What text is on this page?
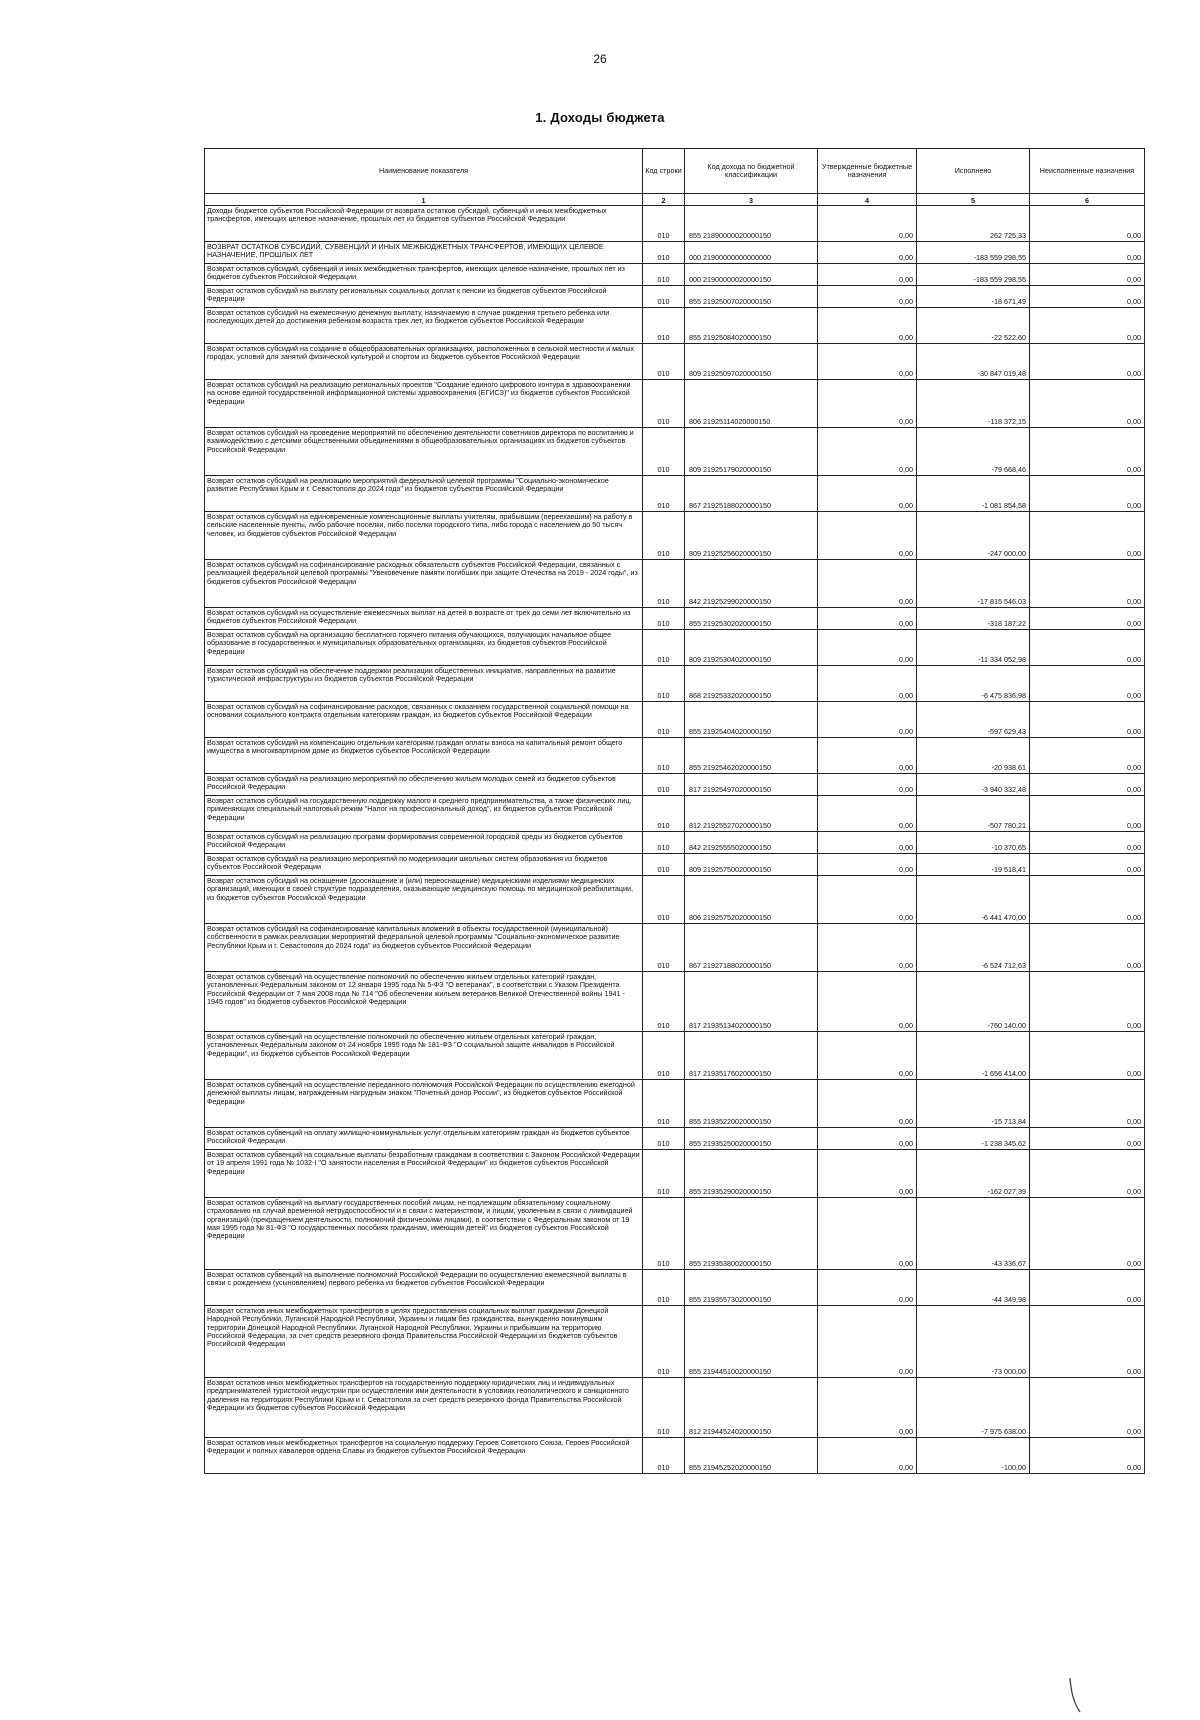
26
1. Доходы бюджета
Наименование показателя	Код строки	Код дохода по бюджетной классификации	Утвержденные бюджетные назначения	Исполнено	Неисполненные назначения
1	2	3	4	5	6
Доходы бюджетов субъектов Российской Федерации от возврата остатков субсидий, субвенций и иных межбюджетных трансфертов, имеющих целевое назначение, прошлых лет из бюджетов субъектов Российской Федерации	010	855 21890000020000150	0,00	262 725,33	0,00
ВОЗВРАТ ОСТАТКОВ СУБСИДИЙ, СУБВЕНЦИЙ И ИНЫХ МЕЖБЮДЖЕТНЫХ ТРАНСФЕРТОВ, ИМЕЮЩИХ ЦЕЛЕВОЕ НАЗНАЧЕНИЕ, ПРОШЛЫХ ЛЕТ	010	000 21900000000000000	0,00	-183 559 298,55	0,00
Возврат остатков субсидий, субвенций и иных межбюджетных трансфертов, имеющих целевое назначение, прошлых лет из бюджетов субъектов Российской Федерации	010	000 21900000020000150	0,00	-183 559 298,55	0,00
Возврат остатков субсидий на выплату региональных социальных доплат к пенсии из бюджетов субъектов Российской Федерации	010	855 21925007020000150	0,00	-18 671,49	0,00
Возврат остатков субсидий на ежемесячную денежную выплату, назначаемую в случае рождения третьего ребенка или последующих детей до достижения ребенком возраста трех лет, из бюджетов субъектов Российской Федерации	010	855 21925084020000150	0,00	-22 522,60	0,00
Возврат остатков субсидий на создание в общеобразовательных организациях, расположенных в сельской местности и малых городах, условий для занятий физической культурой и спортом из бюджетов субъектов Российской Федерации	010	809 21925097020000150	0,00	-30 847 019,48	0,00
Возврат остатков субсидий на реализацию региональных проектов "Создание единого цифрового контура в здравоохранении на основе единой государственной информационной системы здравоохранения (ЕГИСЗ)" из бюджетов субъектов Российской Федерации	010	806 21925114020000150	0,00	-118 372,15	0,00
Возврат остатков субсидий на проведение мероприятий по обеспечению деятельности советников директора по воспитанию и взаимодействию с детскими общественными объединениями в общеобразовательных организациях из бюджетов субъектов Российской Федерации	010	809 21925179020000150	0,00	-79 668,46	0,00
Возврат остатков субсидий на реализацию мероприятий федеральной целевой программы "Социально-экономическое развитие Республики Крым и г. Севастополя до 2024 года" из бюджетов субъектов Российской Федерации	010	867 21925188020000150	0,00	-1 081 854,58	0,00
Возврат остатков субсидий на единовременные компенсационные выплаты учителям, прибывшим (переехавшим) на работу в сельские населенные пункты, либо рабочие поселки, либо поселки городского типа, либо города с населением до 50 тысяч человек, из бюджетов субъектов Российской Федерации	010	809 21925256020000150	0,00	-247 000,00	0,00
Возврат остатков субсидий на софинансирование расходных обязательств субъектов Российской Федерации, связанных с реализацией федеральной целевой программы "Увековечение памяти погибших при защите Отечества на 2019 - 2024 годы", из бюджетов субъектов Российской Федерации	010	842 21925299020000150	0,00	-17 815 546,03	0,00
Возврат остатков субсидий на осуществление ежемесячных выплат на детей в возрасте от трех до семи лет включительно из бюджетов субъектов Российской Федерации	010	855 21925302020000150	0,00	-318 187,22	0,00
Возврат остатков субсидий на организацию бесплатного горячего питания обучающихся, получающих начальное общее образование в государственных и муниципальных образовательных организациях, из бюджетов субъектов Российской Федерации	010	809 21925304020000150	0,00	-11 334 052,98	0,00
Возврат остатков субсидий на обеспечение поддержки реализации общественных инициатив, направленных на развитие туристической инфраструктуры из бюджетов субъектов Российской Федерации	010	868 21925332020000150	0,00	-6 475 836,98	0,00
Возврат остатков субсидий на софинансирование расходов, связанных с оказанием государственной социальной помощи на основании социального контракта отдельным категориям граждан, из бюджетов субъектов Российской Федерации	010	855 21925404020000150	0,00	-597 629,43	0,00
Возврат остатков субсидий на компенсацию отдельным категориям граждан оплаты взноса на капитальный ремонт общего имущества в многоквартирном доме из бюджетов субъектов Российской Федерации	010	855 21925462020000150	0,00	-20 938,61	0,00
Возврат остатков субсидий на реализацию мероприятий по обеспечению жильем молодых семей из бюджетов субъектов Российской Федерации	010	817 21925497020000150	0,00	-3 940 332,48	0,00
Возврат остатков субсидий на государственную поддержку малого и среднего предпринимательства, а также физических лиц, применяющих специальный налоговый режим "Налог на профессиональный доход", из бюджетов субъектов Российской Федерации	010	812 21925527020000150	0,00	-507 780,21	0,00
Возврат остатков субсидий на реализацию программ формирования современной городской среды из бюджетов субъектов Российской Федерации	010	842 21925555020000150	0,00	-10 370,65	0,00
Возврат остатков субсидий на реализацию мероприятий по модернизации школьных систем образования из бюджетов субъектов Российской Федерации	010	809 21925750020000150	0,00	-19 518,41	0,00
Возврат остатков субсидий на оснащение (дооснащение и (или) переоснащение) медицинскими изделиями медицинских организаций, имеющих в своей структуре подразделения, оказывающие медицинскую помощь по медицинской реабилитации, из бюджетов субъектов Российской Федерации	010	806 21925752020000150	0,00	-6 441 470,00	0,00
Возврат остатков субсидий на софинансирование капитальных вложений в объекты государственной (муниципальной) собственности в рамках реализации мероприятий федеральной целевой программы "Социально-экономическое развитие Республики Крым и г. Севастополя до 2024 года" из бюджетов субъектов Российской Федерации	010	867 21927188020000150	0,00	-6 524 712,63	0,00
Возврат остатков субвенций на осуществление полномочий по обеспечению жильем отдельных категорий граждан, установленных Федеральным законом от 12 января 1995 года № 5-ФЗ "О ветеранах", в соответствии с Указом Президента Российской Федерации от 7 мая 2008 года № 714 "Об обеспечении жильем ветеранов Великой Отечественной войны 1941 - 1945 годов" из бюджетов субъектов Российской Федерации	010	817 21935134020000150	0,00	-760 140,00	0,00
Возврат остатков субвенций на осуществление полномочий по обеспечению жильем отдельных категорий граждан, установленных Федеральным законом от 24 ноября 1995 года № 181-ФЗ "О социальной защите инвалидов в Российской Федерации", из бюджетов субъектов Российской Федерации	010	817 21935176020000150	0,00	-1 656 414,00	0,00
Возврат остатков субвенций на осуществление переданного полномочия Российской Федерации по осуществлению ежегодной денежной выплаты лицам, награжденным нагрудным знаком "Почетный донор России", из бюджетов субъектов Российской Федерации	010	855 21935220020000150	0,00	-15 713,84	0,00
Возврат остатков субвенций на оплату жилищно-коммунальных услуг отдельным категориям граждан из бюджетов субъектов Российской Федерации	010	855 21935250020000150	0,00	-1 238 345,62	0,00
Возврат остатков субвенций на социальные выплаты безработным гражданам в соответствии с Законом Российской Федерации от 19 апреля 1991 года № 1032-I "О занятости населения в Российской Федерации" из бюджетов субъектов Российской Федерации	010	855 21935290020000150	0,00	-162 027,39	0,00
Возврат остатков субвенций на выплату государственных пособий лицам, не подлежащим обязательному социальному страхованию на случай временной нетрудоспособности и в связи с материнством, и лицам, уволенным в связи с ликвидацией организаций (прекращением деятельности, полномочий физическими лицами), в соответствии с Федеральным законом от 19 мая 1995 года № 81-ФЗ "О государственных пособиях гражданам, имеющим детей" из бюджетов субъектов Российской Федерации	010	855 21935380020000150	0,00	-43 336,67	0,00
Возврат остатков субвенций на выполнение полномочий Российской Федерации по осуществлению ежемесячной выплаты в связи с рождением (усыновлением) первого ребенка из бюджетов субъектов Российской Федерации	010	855 21935573020000150	0,00	-44 349,98	0,00
Возврат остатков иных межбюджетных трансфертов в целях предоставления социальных выплат гражданам Донецкой Народной Республики, Луганской Народной Республики, Украины и лицам без гражданства, вынужденно покинувшим территории Донецкой Народной Республики, Луганской Народной Республики, Украины и прибывшим на территорию Российской Федерации, за счет средств резервного фонда Правительства Российской Федерации из бюджетов субъектов Российской Федерации	010	855 21944510020000150	0,00	-73 000,00	0,00
Возврат остатков иных межбюджетных трансфертов на государственную поддержку юридических лиц и индивидуальных предпринимателей туристской индустрии при осуществлении ими деятельности в условиях геополитического и санкционного давления на территориях Республики Крым и г. Севастополя за счет средств резервного фонда Правительства Российской Федерации из бюджетов субъектов Российской Федерации	010	812 21944524020000150	0,00	-7 975 638,00	0,00
Возврат остатков иных межбюджетных трансфертов на социальную поддержку Героев Советского Союза, Героев Российской Федерации и полных кавалеров ордена Славы из бюджетов субъектов Российской Федерации	010	855 21945252020000150	0,00	-100,00	0,00
